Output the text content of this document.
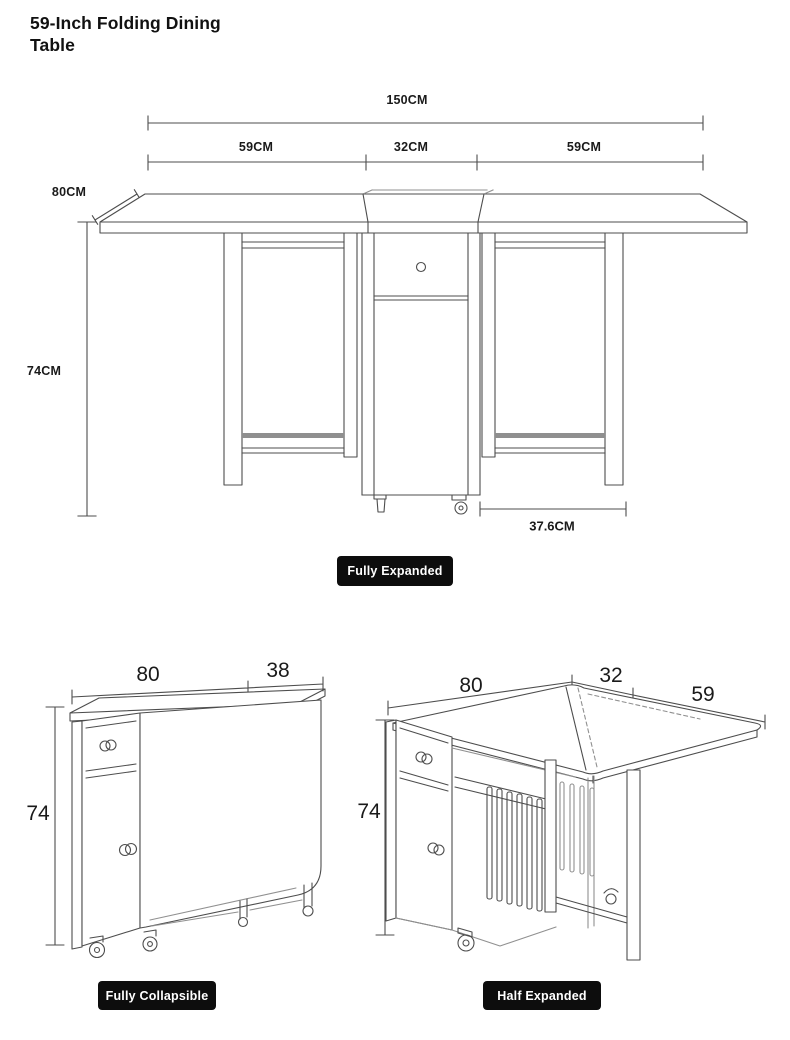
59-Inch Folding Dining Table
150CM
59CM	32CM	59CM
80CM
74CM
37.6CM
80	38
74
80	32
59
74
Fully Expanded
Fully Collapsible	Half Expanded
